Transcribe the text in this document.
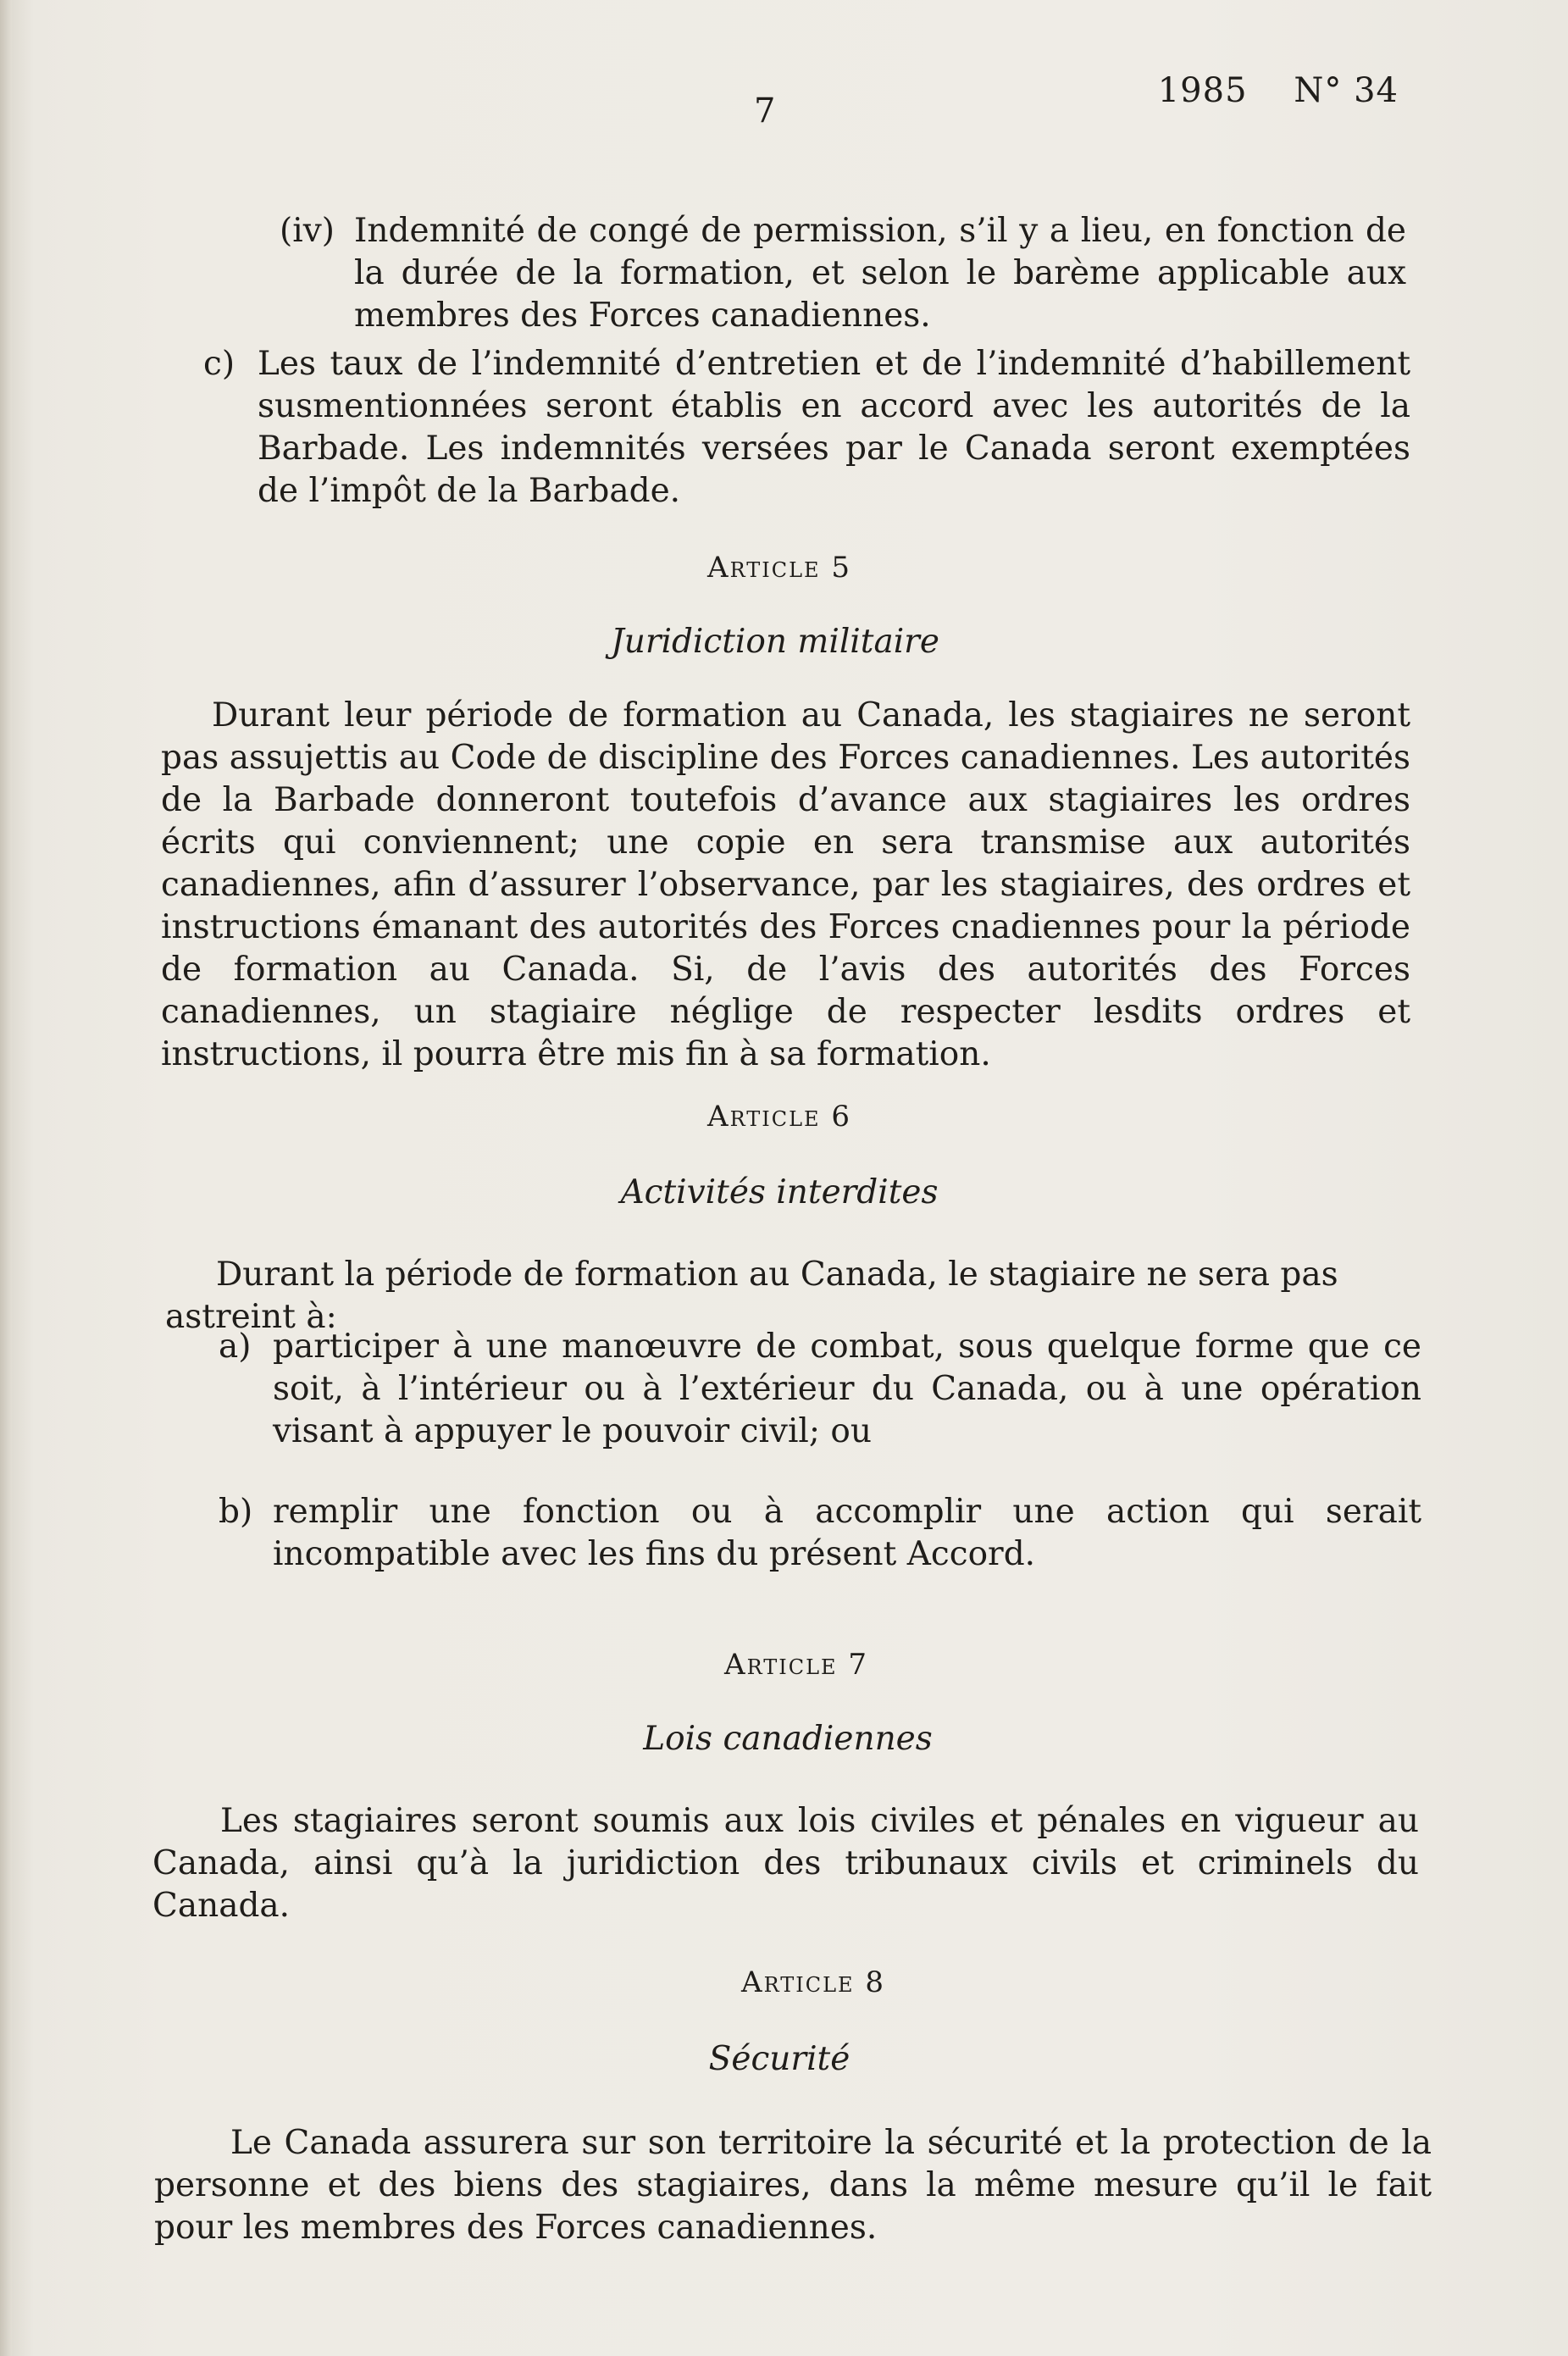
7
1985 N° 34
(iv) Indemnité de congé de permission, s’il y a lieu, en fonction de la durée de la formation, et selon le barème applicable aux membres des Forces canadiennes.
c) Les taux de l’indemnité d’entretien et de l’indemnité d’habillement susmentionnées seront établis en accord avec les autorités de la Barbade. Les indemnités versées par le Canada seront exemptées de l’impôt de la Barbade.
Article 5
Juridiction militaire
Durant leur période de formation au Canada, les stagiaires ne seront pas assujettis au Code de discipline des Forces canadiennes. Les autorités de la Barbade donneront toutefois d’avance aux stagiaires les ordres écrits qui conviennent; une copie en sera transmise aux autorités canadiennes, afin d’assurer l’observance, par les stagiaires, des ordres et instructions émanant des autorités des Forces cnadiennes pour la période de formation au Canada. Si, de l’avis des autorités des Forces canadiennes, un stagiaire néglige de respecter lesdits ordres et instructions, il pourra être mis fin à sa formation.
Article 6
Activités interdites
Durant la période de formation au Canada, le stagiaire ne sera pas astreint à:
a) participer à une manœuvre de combat, sous quelque forme que ce soit, à l’intérieur ou à l’extérieur du Canada, ou à une opération visant à appuyer le pouvoir civil; ou
b) remplir une fonction ou à accomplir une action qui serait incompatible avec les fins du présent Accord.
Article 7
Lois canadiennes
Les stagiaires seront soumis aux lois civiles et pénales en vigueur au Canada, ainsi qu’à la juridiction des tribunaux civils et criminels du Canada.
Article 8
Sécurité
Le Canada assurera sur son territoire la sécurité et la protection de la personne et des biens des stagiaires, dans la même mesure qu’il le fait pour les membres des Forces canadiennes.
